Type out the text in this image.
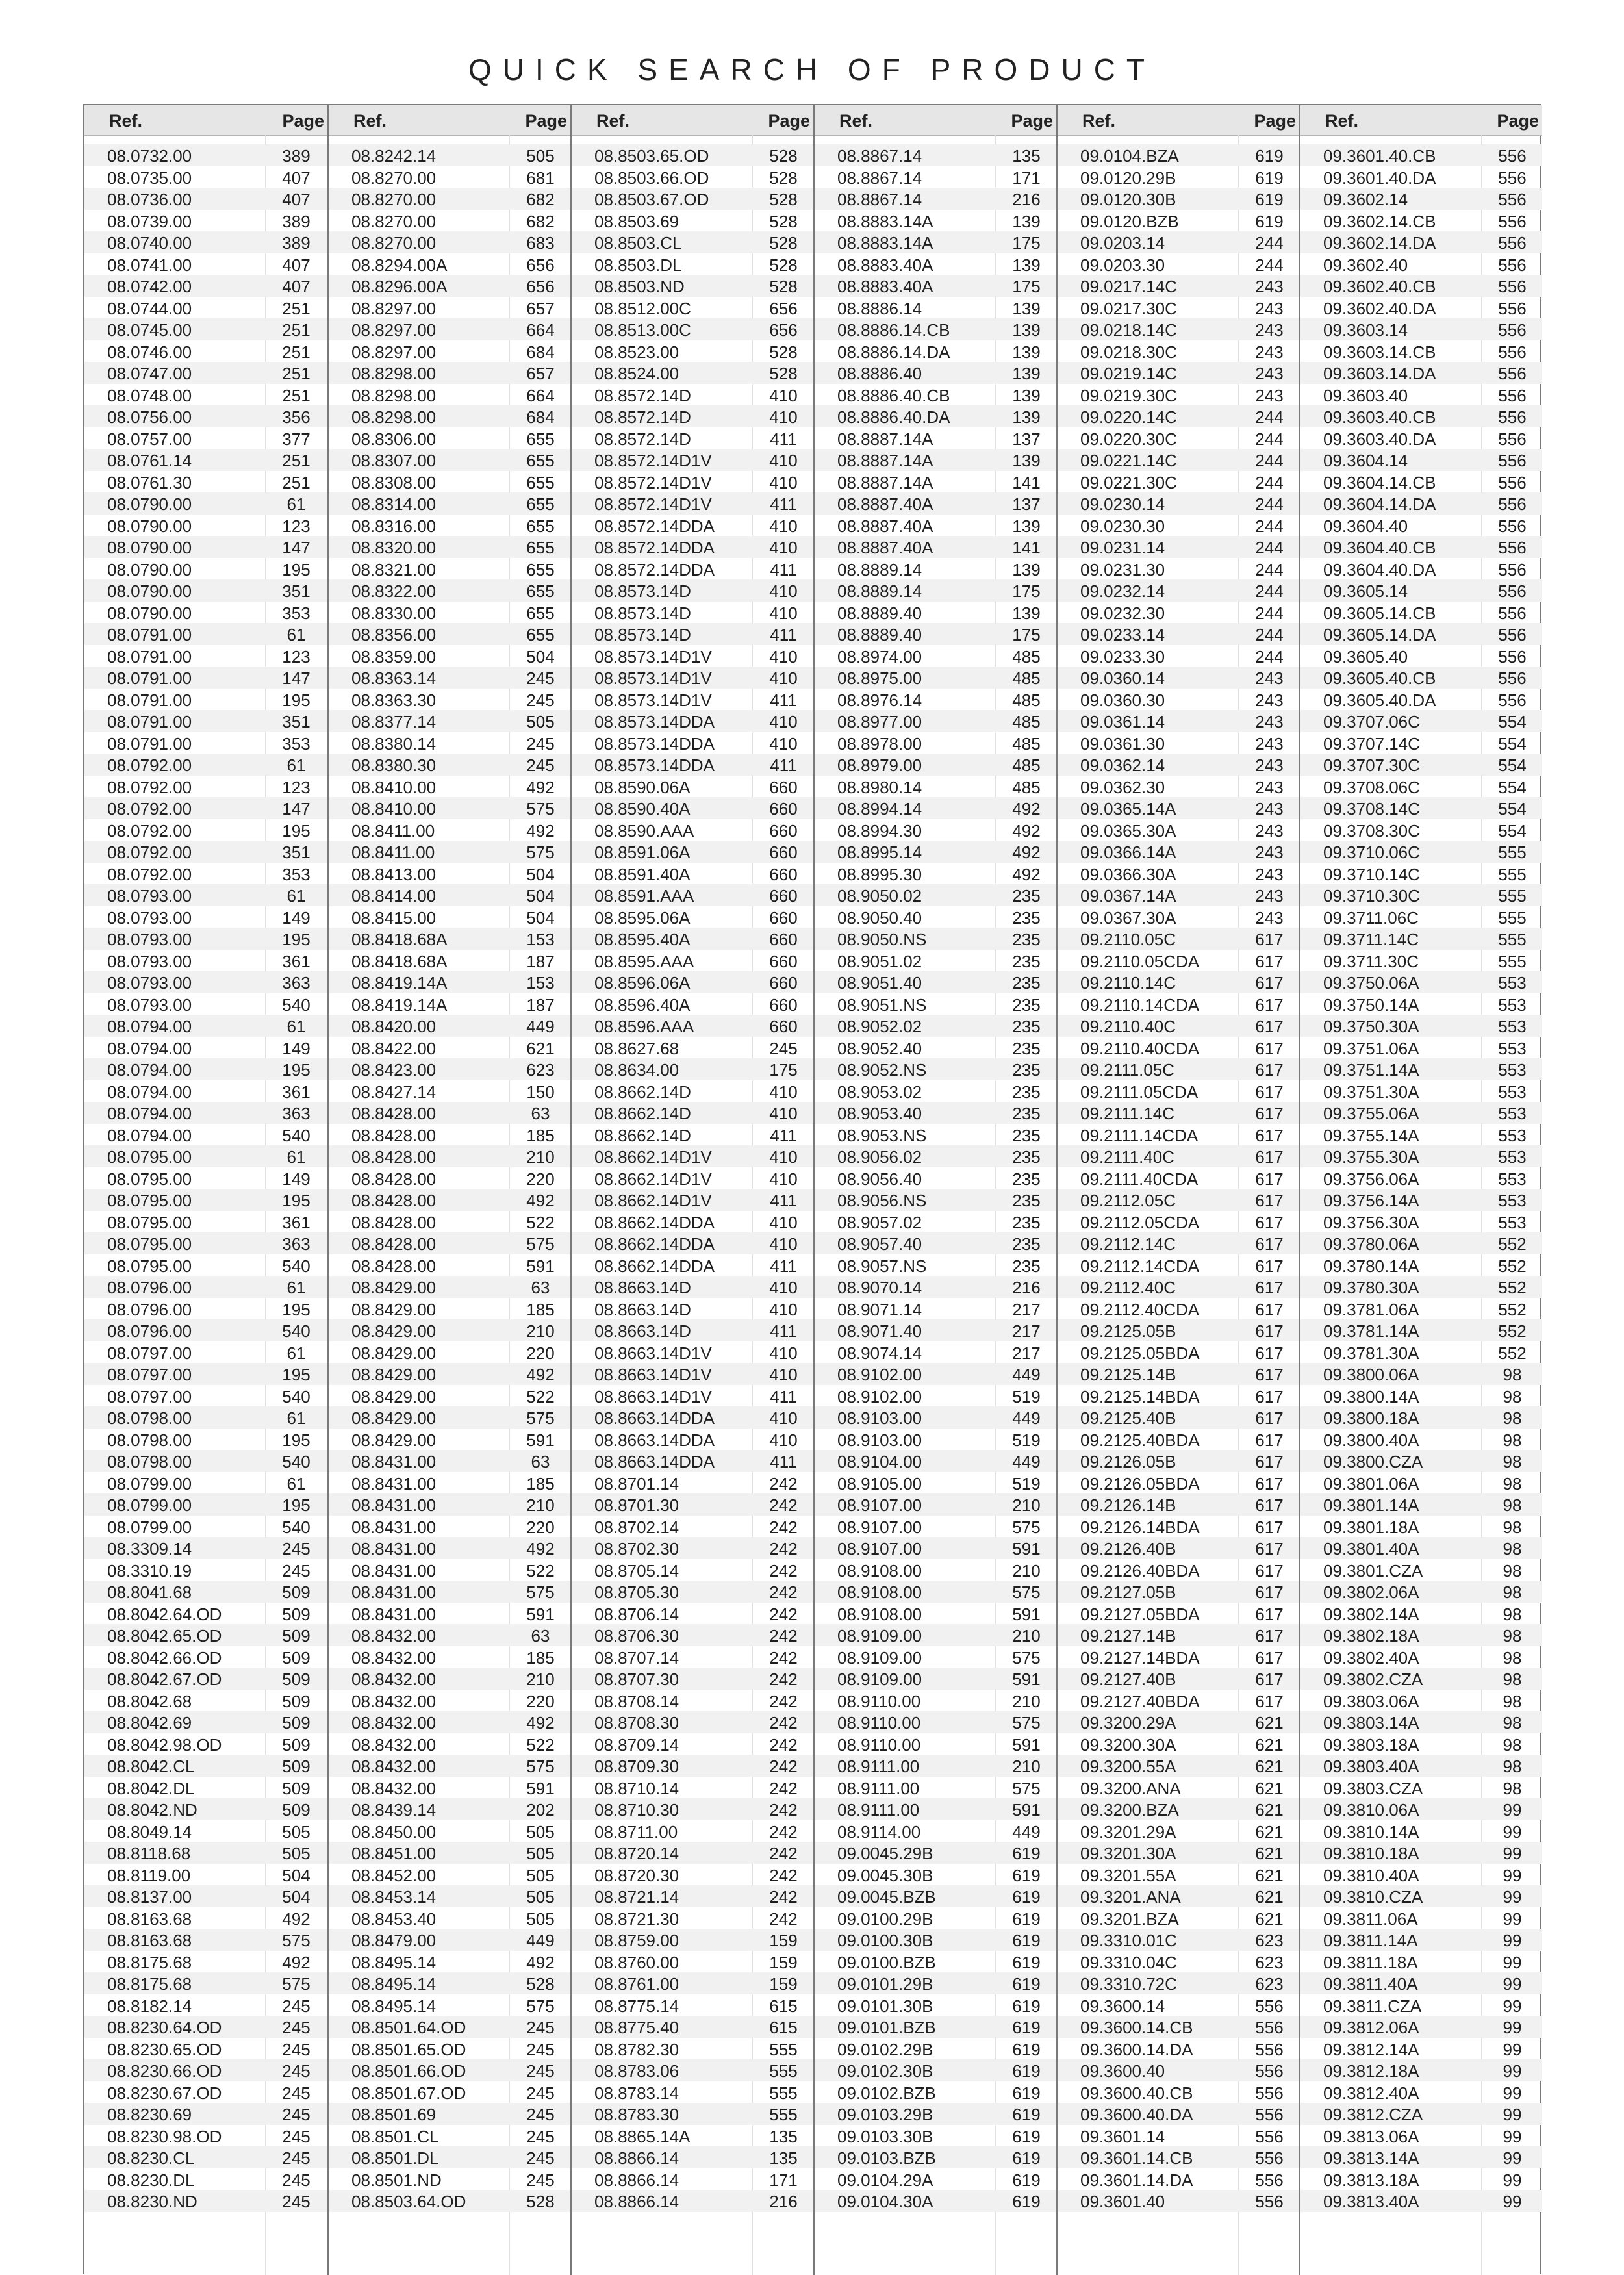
QUICK SEARCH OF PRODUCT
Ref.	Page
08.0732.00	389
08.0735.00	407
08.0736.00	407
08.0739.00	389
08.0740.00	389
08.0741.00	407
08.0742.00	407
08.0744.00	251
08.0745.00	251
08.0746.00	251
08.0747.00	251
08.0748.00	251
08.0756.00	356
08.0757.00	377
08.0761.14	251
08.0761.30	251
08.0790.00	61
08.0790.00	123
08.0790.00	147
08.0790.00	195
08.0790.00	351
08.0790.00	353
08.0791.00	61
08.0791.00	123
08.0791.00	147
08.0791.00	195
08.0791.00	351
08.0791.00	353
08.0792.00	61
08.0792.00	123
08.0792.00	147
08.0792.00	195
08.0792.00	351
08.0792.00	353
08.0793.00	61
08.0793.00	149
08.0793.00	195
08.0793.00	361
08.0793.00	363
08.0793.00	540
08.0794.00	61
08.0794.00	149
08.0794.00	195
08.0794.00	361
08.0794.00	363
08.0794.00	540
08.0795.00	61
08.0795.00	149
08.0795.00	195
08.0795.00	361
08.0795.00	363
08.0795.00	540
08.0796.00	61
08.0796.00	195
08.0796.00	540
08.0797.00	61
08.0797.00	195
08.0797.00	540
08.0798.00	61
08.0798.00	195
08.0798.00	540
08.0799.00	61
08.0799.00	195
08.0799.00	540
08.3309.14	245
08.3310.19	245
08.8041.68	509
08.8042.64.OD	509
08.8042.65.OD	509
08.8042.66.OD	509
08.8042.67.OD	509
08.8042.68	509
08.8042.69	509
08.8042.98.OD	509
08.8042.CL	509
08.8042.DL	509
08.8042.ND	509
08.8049.14	505
08.8118.68	505
08.8119.00	504
08.8137.00	504
08.8163.68	492
08.8163.68	575
08.8175.68	492
08.8175.68	575
08.8182.14	245
08.8230.64.OD	245
08.8230.65.OD	245
08.8230.66.OD	245
08.8230.67.OD	245
08.8230.69	245
08.8230.98.OD	245
08.8230.CL	245
08.8230.DL	245
08.8230.ND	245
Ref.	Page
08.8242.14	505
08.8270.00	681
08.8270.00	682
08.8270.00	682
08.8270.00	683
08.8294.00A	656
08.8296.00A	656
08.8297.00	657
08.8297.00	664
08.8297.00	684
08.8298.00	657
08.8298.00	664
08.8298.00	684
08.8306.00	655
08.8307.00	655
08.8308.00	655
08.8314.00	655
08.8316.00	655
08.8320.00	655
08.8321.00	655
08.8322.00	655
08.8330.00	655
08.8356.00	655
08.8359.00	504
08.8363.14	245
08.8363.30	245
08.8377.14	505
08.8380.14	245
08.8380.30	245
08.8410.00	492
08.8410.00	575
08.8411.00	492
08.8411.00	575
08.8413.00	504
08.8414.00	504
08.8415.00	504
08.8418.68A	153
08.8418.68A	187
08.8419.14A	153
08.8419.14A	187
08.8420.00	449
08.8422.00	621
08.8423.00	623
08.8427.14	150
08.8428.00	63
08.8428.00	185
08.8428.00	210
08.8428.00	220
08.8428.00	492
08.8428.00	522
08.8428.00	575
08.8428.00	591
08.8429.00	63
08.8429.00	185
08.8429.00	210
08.8429.00	220
08.8429.00	492
08.8429.00	522
08.8429.00	575
08.8429.00	591
08.8431.00	63
08.8431.00	185
08.8431.00	210
08.8431.00	220
08.8431.00	492
08.8431.00	522
08.8431.00	575
08.8431.00	591
08.8432.00	63
08.8432.00	185
08.8432.00	210
08.8432.00	220
08.8432.00	492
08.8432.00	522
08.8432.00	575
08.8432.00	591
08.8439.14	202
08.8450.00	505
08.8451.00	505
08.8452.00	505
08.8453.14	505
08.8453.40	505
08.8479.00	449
08.8495.14	492
08.8495.14	528
08.8495.14	575
08.8501.64.OD	245
08.8501.65.OD	245
08.8501.66.OD	245
08.8501.67.OD	245
08.8501.69	245
08.8501.CL	245
08.8501.DL	245
08.8501.ND	245
08.8503.64.OD	528
Ref.	Page
08.8503.65.OD	528
08.8503.66.OD	528
08.8503.67.OD	528
08.8503.69	528
08.8503.CL	528
08.8503.DL	528
08.8503.ND	528
08.8512.00C	656
08.8513.00C	656
08.8523.00	528
08.8524.00	528
08.8572.14D	410
08.8572.14D	410
08.8572.14D	411
08.8572.14D1V	410
08.8572.14D1V	410
08.8572.14D1V	411
08.8572.14DDA	410
08.8572.14DDA	410
08.8572.14DDA	411
08.8573.14D	410
08.8573.14D	410
08.8573.14D	411
08.8573.14D1V	410
08.8573.14D1V	410
08.8573.14D1V	411
08.8573.14DDA	410
08.8573.14DDA	410
08.8573.14DDA	411
08.8590.06A	660
08.8590.40A	660
08.8590.AAA	660
08.8591.06A	660
08.8591.40A	660
08.8591.AAA	660
08.8595.06A	660
08.8595.40A	660
08.8595.AAA	660
08.8596.06A	660
08.8596.40A	660
08.8596.AAA	660
08.8627.68	245
08.8634.00	175
08.8662.14D	410
08.8662.14D	410
08.8662.14D	411
08.8662.14D1V	410
08.8662.14D1V	410
08.8662.14D1V	411
08.8662.14DDA	410
08.8662.14DDA	410
08.8662.14DDA	411
08.8663.14D	410
08.8663.14D	410
08.8663.14D	411
08.8663.14D1V	410
08.8663.14D1V	410
08.8663.14D1V	411
08.8663.14DDA	410
08.8663.14DDA	410
08.8663.14DDA	411
08.8701.14	242
08.8701.30	242
08.8702.14	242
08.8702.30	242
08.8705.14	242
08.8705.30	242
08.8706.14	242
08.8706.30	242
08.8707.14	242
08.8707.30	242
08.8708.14	242
08.8708.30	242
08.8709.14	242
08.8709.30	242
08.8710.14	242
08.8710.30	242
08.8711.00	242
08.8720.14	242
08.8720.30	242
08.8721.14	242
08.8721.30	242
08.8759.00	159
08.8760.00	159
08.8761.00	159
08.8775.14	615
08.8775.40	615
08.8782.30	555
08.8783.06	555
08.8783.14	555
08.8783.30	555
08.8865.14A	135
08.8866.14	135
08.8866.14	171
08.8866.14	216
Ref.	Page
08.8867.14	135
08.8867.14	171
08.8867.14	216
08.8883.14A	139
08.8883.14A	175
08.8883.40A	139
08.8883.40A	175
08.8886.14	139
08.8886.14.CB	139
08.8886.14.DA	139
08.8886.40	139
08.8886.40.CB	139
08.8886.40.DA	139
08.8887.14A	137
08.8887.14A	139
08.8887.14A	141
08.8887.40A	137
08.8887.40A	139
08.8887.40A	141
08.8889.14	139
08.8889.14	175
08.8889.40	139
08.8889.40	175
08.8974.00	485
08.8975.00	485
08.8976.14	485
08.8977.00	485
08.8978.00	485
08.8979.00	485
08.8980.14	485
08.8994.14	492
08.8994.30	492
08.8995.14	492
08.8995.30	492
08.9050.02	235
08.9050.40	235
08.9050.NS	235
08.9051.02	235
08.9051.40	235
08.9051.NS	235
08.9052.02	235
08.9052.40	235
08.9052.NS	235
08.9053.02	235
08.9053.40	235
08.9053.NS	235
08.9056.02	235
08.9056.40	235
08.9056.NS	235
08.9057.02	235
08.9057.40	235
08.9057.NS	235
08.9070.14	216
08.9071.14	217
08.9071.40	217
08.9074.14	217
08.9102.00	449
08.9102.00	519
08.9103.00	449
08.9103.00	519
08.9104.00	449
08.9105.00	519
08.9107.00	210
08.9107.00	575
08.9107.00	591
08.9108.00	210
08.9108.00	575
08.9108.00	591
08.9109.00	210
08.9109.00	575
08.9109.00	591
08.9110.00	210
08.9110.00	575
08.9110.00	591
08.9111.00	210
08.9111.00	575
08.9111.00	591
08.9114.00	449
09.0045.29B	619
09.0045.30B	619
09.0045.BZB	619
09.0100.29B	619
09.0100.30B	619
09.0100.BZB	619
09.0101.29B	619
09.0101.30B	619
09.0101.BZB	619
09.0102.29B	619
09.0102.30B	619
09.0102.BZB	619
09.0103.29B	619
09.0103.30B	619
09.0103.BZB	619
09.0104.29A	619
09.0104.30A	619
Ref.	Page
09.0104.BZA	619
09.0120.29B	619
09.0120.30B	619
09.0120.BZB	619
09.0203.14	244
09.0203.30	244
09.0217.14C	243
09.0217.30C	243
09.0218.14C	243
09.0218.30C	243
09.0219.14C	243
09.0219.30C	243
09.0220.14C	244
09.0220.30C	244
09.0221.14C	244
09.0221.30C	244
09.0230.14	244
09.0230.30	244
09.0231.14	244
09.0231.30	244
09.0232.14	244
09.0232.30	244
09.0233.14	244
09.0233.30	244
09.0360.14	243
09.0360.30	243
09.0361.14	243
09.0361.30	243
09.0362.14	243
09.0362.30	243
09.0365.14A	243
09.0365.30A	243
09.0366.14A	243
09.0366.30A	243
09.0367.14A	243
09.0367.30A	243
09.2110.05C	617
09.2110.05CDA	617
09.2110.14C	617
09.2110.14CDA	617
09.2110.40C	617
09.2110.40CDA	617
09.2111.05C	617
09.2111.05CDA	617
09.2111.14C	617
09.2111.14CDA	617
09.2111.40C	617
09.2111.40CDA	617
09.2112.05C	617
09.2112.05CDA	617
09.2112.14C	617
09.2112.14CDA	617
09.2112.40C	617
09.2112.40CDA	617
09.2125.05B	617
09.2125.05BDA	617
09.2125.14B	617
09.2125.14BDA	617
09.2125.40B	617
09.2125.40BDA	617
09.2126.05B	617
09.2126.05BDA	617
09.2126.14B	617
09.2126.14BDA	617
09.2126.40B	617
09.2126.40BDA	617
09.2127.05B	617
09.2127.05BDA	617
09.2127.14B	617
09.2127.14BDA	617
09.2127.40B	617
09.2127.40BDA	617
09.3200.29A	621
09.3200.30A	621
09.3200.55A	621
09.3200.ANA	621
09.3200.BZA	621
09.3201.29A	621
09.3201.30A	621
09.3201.55A	621
09.3201.ANA	621
09.3201.BZA	621
09.3310.01C	623
09.3310.04C	623
09.3310.72C	623
09.3600.14	556
09.3600.14.CB	556
09.3600.14.DA	556
09.3600.40	556
09.3600.40.CB	556
09.3600.40.DA	556
09.3601.14	556
09.3601.14.CB	556
09.3601.14.DA	556
09.3601.40	556
Ref.	Page
09.3601.40.CB	556
09.3601.40.DA	556
09.3602.14	556
09.3602.14.CB	556
09.3602.14.DA	556
09.3602.40	556
09.3602.40.CB	556
09.3602.40.DA	556
09.3603.14	556
09.3603.14.CB	556
09.3603.14.DA	556
09.3603.40	556
09.3603.40.CB	556
09.3603.40.DA	556
09.3604.14	556
09.3604.14.CB	556
09.3604.14.DA	556
09.3604.40	556
09.3604.40.CB	556
09.3604.40.DA	556
09.3605.14	556
09.3605.14.CB	556
09.3605.14.DA	556
09.3605.40	556
09.3605.40.CB	556
09.3605.40.DA	556
09.3707.06C	554
09.3707.14C	554
09.3707.30C	554
09.3708.06C	554
09.3708.14C	554
09.3708.30C	554
09.3710.06C	555
09.3710.14C	555
09.3710.30C	555
09.3711.06C	555
09.3711.14C	555
09.3711.30C	555
09.3750.06A	553
09.3750.14A	553
09.3750.30A	553
09.3751.06A	553
09.3751.14A	553
09.3751.30A	553
09.3755.06A	553
09.3755.14A	553
09.3755.30A	553
09.3756.06A	553
09.3756.14A	553
09.3756.30A	553
09.3780.06A	552
09.3780.14A	552
09.3780.30A	552
09.3781.06A	552
09.3781.14A	552
09.3781.30A	552
09.3800.06A	98
09.3800.14A	98
09.3800.18A	98
09.3800.40A	98
09.3800.CZA	98
09.3801.06A	98
09.3801.14A	98
09.3801.18A	98
09.3801.40A	98
09.3801.CZA	98
09.3802.06A	98
09.3802.14A	98
09.3802.18A	98
09.3802.40A	98
09.3802.CZA	98
09.3803.06A	98
09.3803.14A	98
09.3803.18A	98
09.3803.40A	98
09.3803.CZA	98
09.3810.06A	99
09.3810.14A	99
09.3810.18A	99
09.3810.40A	99
09.3810.CZA	99
09.3811.06A	99
09.3811.14A	99
09.3811.18A	99
09.3811.40A	99
09.3811.CZA	99
09.3812.06A	99
09.3812.14A	99
09.3812.18A	99
09.3812.40A	99
09.3812.CZA	99
09.3813.06A	99
09.3813.14A	99
09.3813.18A	99
09.3813.40A	99
